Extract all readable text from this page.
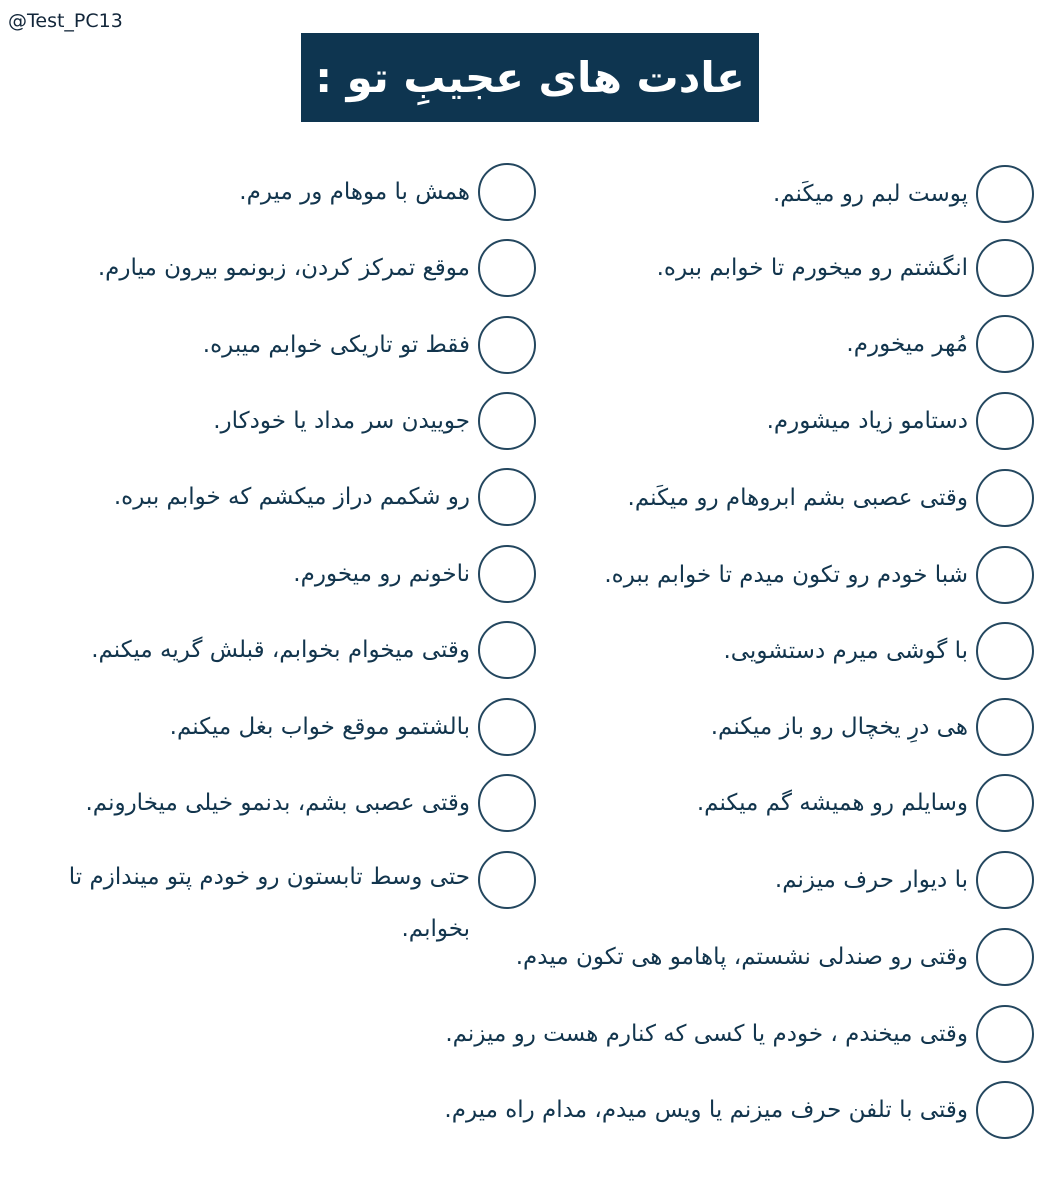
@Test_PC13
عادت های عجیبِ تو :
پوست لبم رو میکَنم.
انگشتم رو میخورم تا خوابم ببره.
مُهر میخورم.
دستامو زیاد میشورم.
وقتی عصبی بشم ابروهام رو میکَنم.
شبا خودم رو تکون میدم تا خوابم ببره.
با گوشی میرم دستشویی.
هی درِ یخچال رو باز میکنم.
وسایلم رو همیشه گم میکنم.
با دیوار حرف میزنم.
وقتی رو صندلی نشستم، پاهامو هی تکون میدم.
وقتی میخندم ، خودم یا کسی که کنارم هست رو میزنم.
وقتی با تلفن حرف میزنم یا ویس میدم، مدام راه میرم.
همش با موهام ور میرم.
موقع تمرکز کردن، زبونمو بیرون میارم.
فقط تو تاریکی خوابم میبره.
جوییدن سر مداد یا خودکار.
رو شکمم دراز میکشم که خوابم ببره.
ناخونم رو میخورم.
وقتی میخوام بخوابم، قبلش گریه میکنم.
بالشتمو موقع خواب بغل میکنم.
وقتی عصبی بشم، بدنمو خیلی میخارونم.
حتی وسط تابستون رو خودم پتو میندازم تا بخوابم.
